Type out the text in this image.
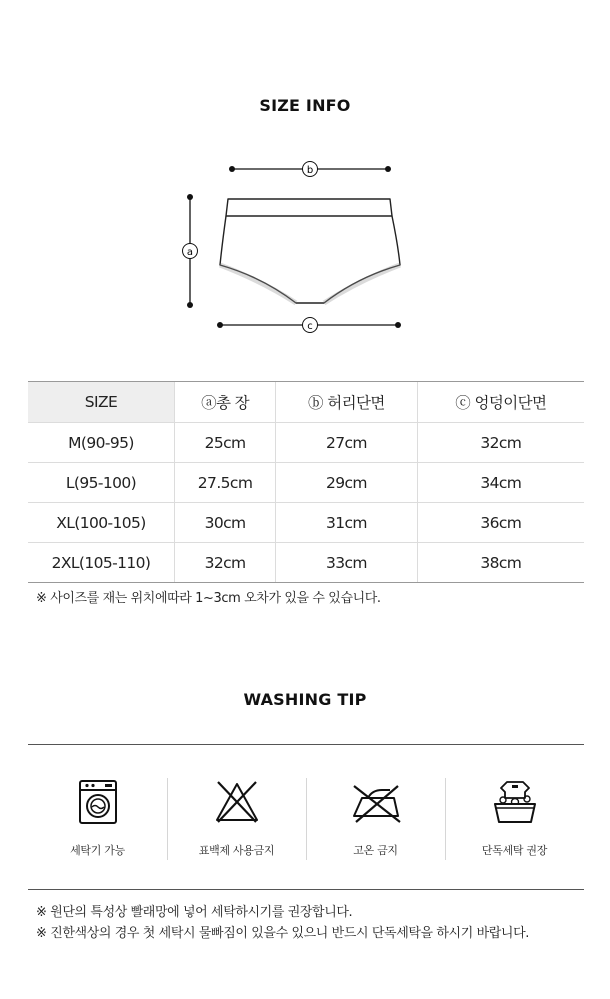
SIZE INFO
b
a
c
SIZE	ⓐ총 장	ⓑ 허리단면	ⓒ 엉덩이단면
M(90-95)	25cm	27cm	32cm
L(95-100)	27.5cm	29cm	34cm
XL(100-105)	30cm	31cm	36cm
2XL(105-110)	32cm	33cm	38cm
※ 사이즈를 재는 위치에따라 1~3cm 오차가 있을 수 있습니다.
WASHING TIP
세탁기 가능	표백제 사용금지	고온 금지	단독세탁 권장
※ 원단의 특성상 빨래망에 넣어 세탁하시기를 권장합니다.
※ 진한색상의 경우 첫 세탁시 물빠짐이 있을수 있으니 반드시 단독세탁을 하시기 바랍니다.
